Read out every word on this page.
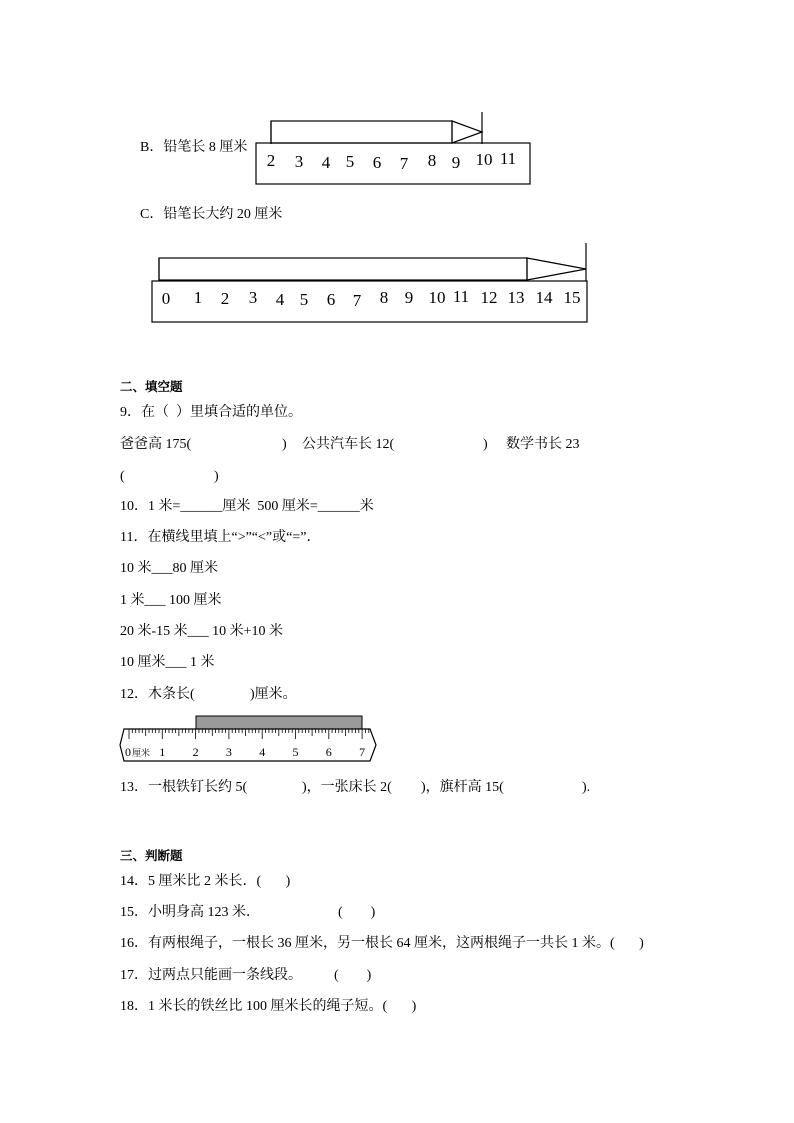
B．铅笔长 8 厘米
2 3 4 5 6 7 8 9 10 11
C．铅笔长大约 20 厘米
0 1 2 3 4 5 6 7 8 9 10 11 12 13 14 15
二、填空题
9．在（  ）里填合适的单位。
爸爸高 175(	) 公共汽车长 12(	) 数学书长 23
(	)
10．1 米=______厘米  500 厘米=______米
11．在横线里填上“>”“<”或“=”．
10 米___80 厘米
1 米___ 100 厘米
20 米-15 米___ 10 米+10 米
10 厘米___ 1 米
12．木条长(	)厘米。
0 厘米 1 2 3 4 5 6 7
13．一根铁钉长约 5(	)，一张床长 2( )，旗杆高 15(	).
三、判断题
14．5 厘米比 2 米长．(       )
15．小明身高 123 米．	(        )
16．有两根绳子，一根长 36 厘米，另一根长 64 厘米，这两根绳子一共长 1 米。(       )
17．过两点只能画一条线段。 (        )
18．1 米长的铁丝比 100 厘米长的绳子短。(       )
